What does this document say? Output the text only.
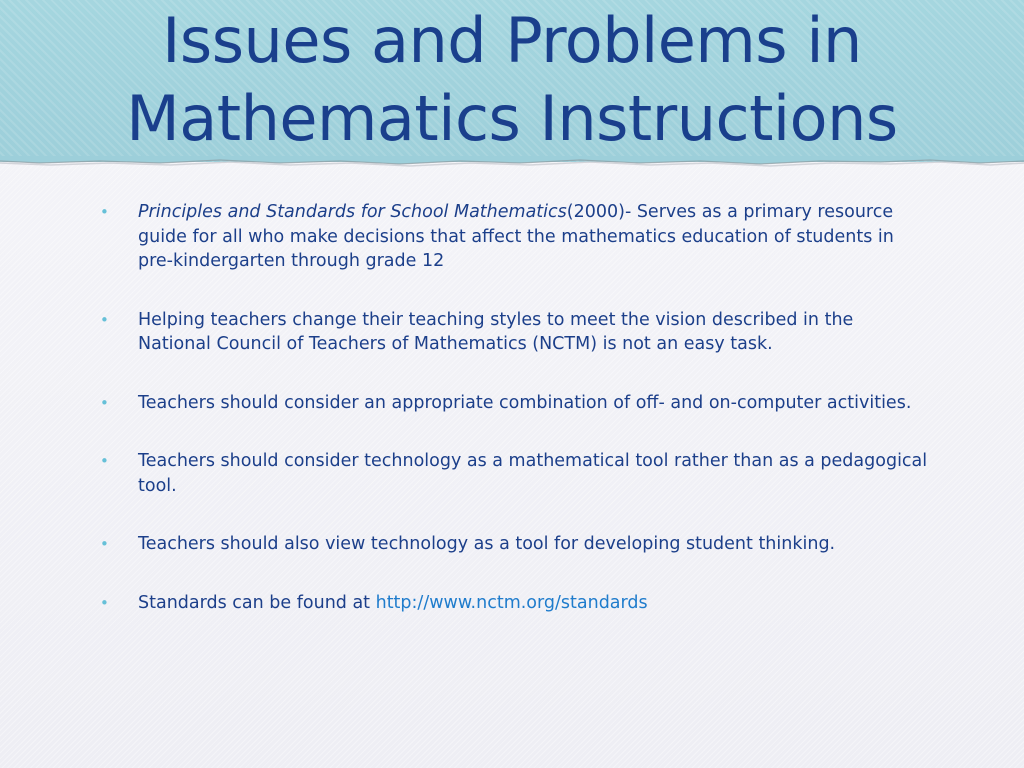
Issues and Problems in
Mathematics Instructions
• Principles and Standards for School Mathematics(2000)- Serves as a primary resource guide for all who make decisions that affect the mathematics education of students in pre-kindergarten through grade 12
• Helping teachers change their teaching styles to meet the vision described in the National Council of Teachers of Mathematics (NCTM) is not an easy task.
• Teachers should consider an appropriate combination of off- and on-computer activities.
• Teachers should consider technology as a mathematical tool rather than as a pedagogical tool.
• Teachers should also view technology as a tool for developing student thinking.
• Standards can be found at http://www.nctm.org/standards
